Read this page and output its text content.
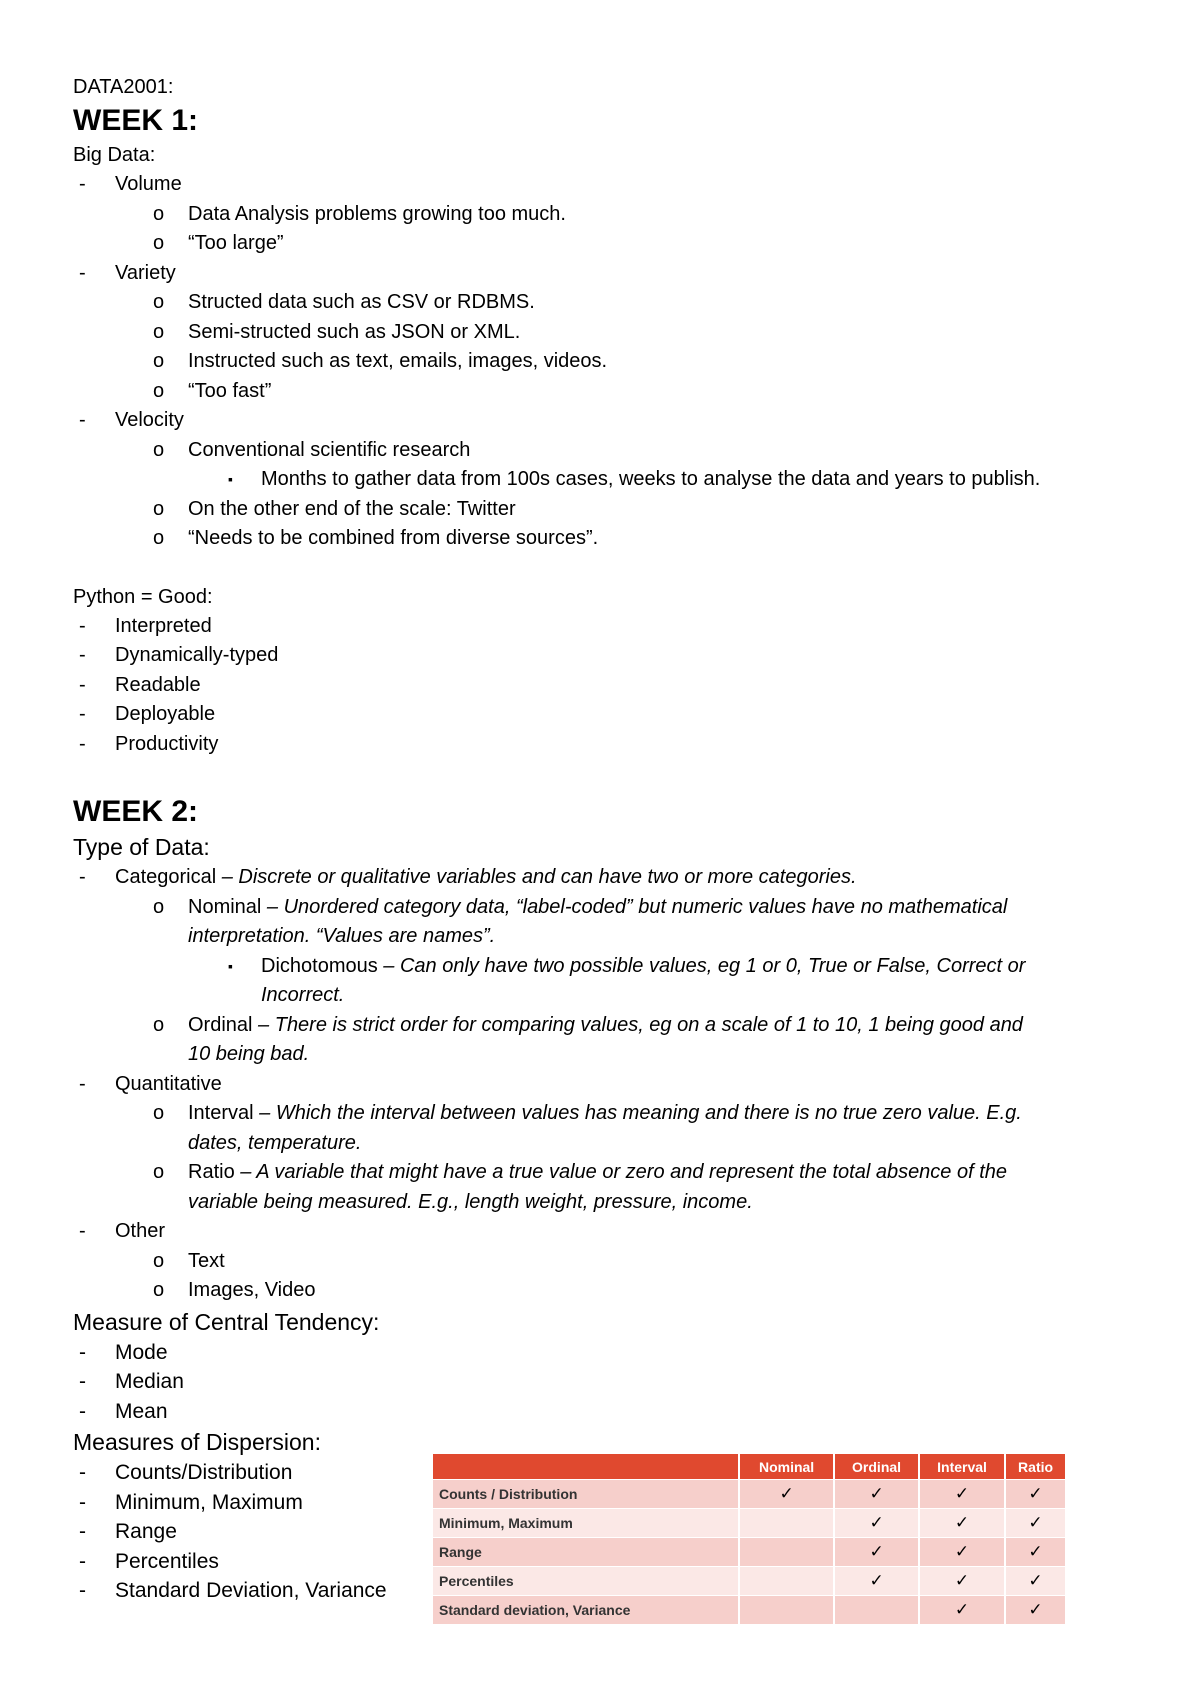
DATA2001:
WEEK 1:
Big Data:
- Volume
o Data Analysis problems growing too much.
o “Too large”
- Variety
o Structed data such as CSV or RDBMS.
o Semi-structed such as JSON or XML.
o Instructed such as text, emails, images, videos.
o “Too fast”
- Velocity
o Conventional scientific research
▪ Months to gather data from 100s cases, weeks to analyse the data and years to publish.
o On the other end of the scale: Twitter
o “Needs to be combined from diverse sources”.
Python = Good:
- Interpreted
- Dynamically-typed
- Readable
- Deployable
- Productivity
WEEK 2:
Type of Data:
- Categorical – Discrete or qualitative variables and can have two or more categories.
o Nominal – Unordered category data, “label-coded” but numeric values have no mathematical
interpretation. “Values are names”.
▪ Dichotomous – Can only have two possible values, eg 1 or 0, True or False, Correct or
Incorrect.
o Ordinal – There is strict order for comparing values, eg on a scale of 1 to 10, 1 being good and
10 being bad.
- Quantitative
o Interval – Which the interval between values has meaning and there is no true zero value. E.g.
dates, temperature.
o Ratio – A variable that might have a true value or zero and represent the total absence of the
variable being measured. E.g., length weight, pressure, income.
- Other
o Text
o Images, Video
Measure of Central Tendency:
- Mode
- Median
- Mean
Measures of Dispersion:
- Counts/Distribution
- Minimum, Maximum
- Range
- Percentiles
- Standard Deviation, Variance
	Nominal	Ordinal	Interval	Ratio
Counts / Distribution	✓	✓	✓	✓
Minimum, Maximum		✓	✓	✓
Range		✓	✓	✓
Percentiles		✓	✓	✓
Standard deviation, Variance			✓	✓
